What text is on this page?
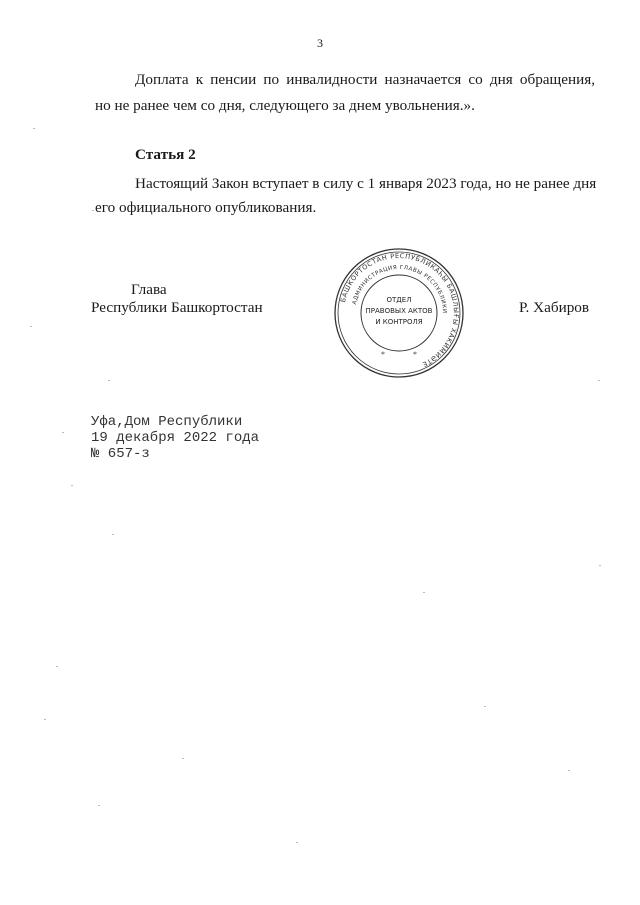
3
Доплата к пенсии по инвалидности назначается со дня обращения,
но не ранее чем со дня, следующего за днем увольнения.».
Статья 2
Настоящий Закон вступает в силу с 1 января 2023 года, но не ранее дня
его официального опубликования.
Глава
Республики Башкортостан	Р. Хабиров
БАШКОРТОСТАН РЕСПУБЛИКАҺЫ БАШЛЫҒЫ ХАКИМИӘТЕ
АДМИНИСТРАЦИЯ ГЛАВЫ РЕСПУБЛИКИ
ОТДЕЛ
ПРАВОВЫХ АКТОВ
И КОНТРОЛЯ
*	*
Уфа,Дом Республики
19 декабря 2022 года
№ 657-з
